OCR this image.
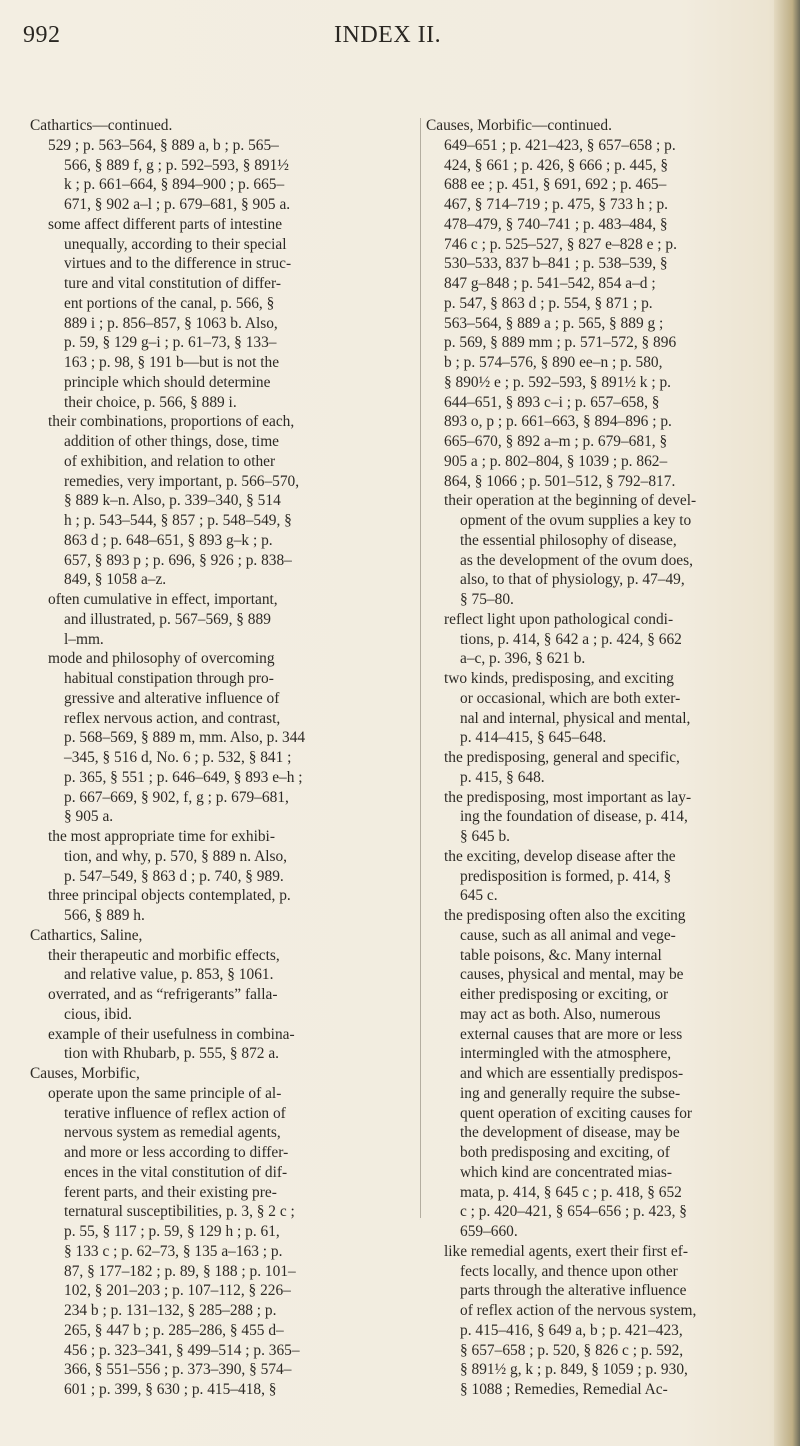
992	INDEX II.
Cathartics—continued.
529 ; p. 563–564, § 889 a, b ; p. 565–
566, § 889 f, g ; p. 592–593, § 891½
k ; p. 661–664, § 894–900 ; p. 665–
671, § 902 a–l ; p. 679–681, § 905 a.
some affect different parts of intestine
unequally, according to their special
virtues and to the difference in struc-
ture and vital constitution of differ-
ent portions of the canal, p. 566, §
889 i ; p. 856–857, § 1063 b. Also,
p. 59, § 129 g–i ; p. 61–73, § 133–
163 ; p. 98, § 191 b—but is not the
principle which should determine
their choice, p. 566, § 889 i.
their combinations, proportions of each,
addition of other things, dose, time
of exhibition, and relation to other
remedies, very important, p. 566–570,
§ 889 k–n. Also, p. 339–340, § 514
h ; p. 543–544, § 857 ; p. 548–549, §
863 d ; p. 648–651, § 893 g–k ; p.
657, § 893 p ; p. 696, § 926 ; p. 838–
849, § 1058 a–z.
often cumulative in effect, important,
and illustrated, p. 567–569, § 889
l–mm.
mode and philosophy of overcoming
habitual constipation through pro-
gressive and alterative influence of
reflex nervous action, and contrast,
p. 568–569, § 889 m, mm. Also, p. 344
–345, § 516 d, No. 6 ; p. 532, § 841 ;
p. 365, § 551 ; p. 646–649, § 893 e–h ;
p. 667–669, § 902, f, g ; p. 679–681,
§ 905 a.
the most appropriate time for exhibi-
tion, and why, p. 570, § 889 n. Also,
p. 547–549, § 863 d ; p. 740, § 989.
three principal objects contemplated, p.
566, § 889 h.
Cathartics, Saline,
their therapeutic and morbific effects,
and relative value, p. 853, § 1061.
overrated, and as “refrigerants” falla-
cious, ibid.
example of their usefulness in combina-
tion with Rhubarb, p. 555, § 872 a.
Causes, Morbific,
operate upon the same principle of al-
terative influence of reflex action of
nervous system as remedial agents,
and more or less according to differ-
ences in the vital constitution of dif-
ferent parts, and their existing pre-
ternatural susceptibilities, p. 3, § 2 c ;
p. 55, § 117 ; p. 59, § 129 h ; p. 61,
§ 133 c ; p. 62–73, § 135 a–163 ; p.
87, § 177–182 ; p. 89, § 188 ; p. 101–
102, § 201–203 ; p. 107–112, § 226–
234 b ; p. 131–132, § 285–288 ; p.
265, § 447 b ; p. 285–286, § 455 d–
456 ; p. 323–341, § 499–514 ; p. 365–
366, § 551–556 ; p. 373–390, § 574–
601 ; p. 399, § 630 ; p. 415–418, §
Causes, Morbific—continued.
649–651 ; p. 421–423, § 657–658 ; p.
424, § 661 ; p. 426, § 666 ; p. 445, §
688 ee ; p. 451, § 691, 692 ; p. 465–
467, § 714–719 ; p. 475, § 733 h ; p.
478–479, § 740–741 ; p. 483–484, §
746 c ; p. 525–527, § 827 e–828 e ; p.
530–533, 837 b–841 ; p. 538–539, §
847 g–848 ; p. 541–542, 854 a–d ;
p. 547, § 863 d ; p. 554, § 871 ; p.
563–564, § 889 a ; p. 565, § 889 g ;
p. 569, § 889 mm ; p. 571–572, § 896
b ; p. 574–576, § 890 ee–n ; p. 580,
§ 890½ e ; p. 592–593, § 891½ k ; p.
644–651, § 893 c–i ; p. 657–658, §
893 o, p ; p. 661–663, § 894–896 ; p.
665–670, § 892 a–m ; p. 679–681, §
905 a ; p. 802–804, § 1039 ; p. 862–
864, § 1066 ; p. 501–512, § 792–817.
their operation at the beginning of devel-
opment of the ovum supplies a key to
the essential philosophy of disease,
as the development of the ovum does,
also, to that of physiology, p. 47–49,
§ 75–80.
reflect light upon pathological condi-
tions, p. 414, § 642 a ; p. 424, § 662
a–c, p. 396, § 621 b.
two kinds, predisposing, and exciting
or occasional, which are both exter-
nal and internal, physical and mental,
p. 414–415, § 645–648.
the predisposing, general and specific,
p. 415, § 648.
the predisposing, most important as lay-
ing the foundation of disease, p. 414,
§ 645 b.
the exciting, develop disease after the
predisposition is formed, p. 414, §
645 c.
the predisposing often also the exciting
cause, such as all animal and vege-
table poisons, &c. Many internal
causes, physical and mental, may be
either predisposing or exciting, or
may act as both. Also, numerous
external causes that are more or less
intermingled with the atmosphere,
and which are essentially predispos-
ing and generally require the subse-
quent operation of exciting causes for
the development of disease, may be
both predisposing and exciting, of
which kind are concentrated mias-
mata, p. 414, § 645 c ; p. 418, § 652
c ; p. 420–421, § 654–656 ; p. 423, §
659–660.
like remedial agents, exert their first ef-
fects locally, and thence upon other
parts through the alterative influence
of reflex action of the nervous system,
p. 415–416, § 649 a, b ; p. 421–423,
§ 657–658 ; p. 520, § 826 c ; p. 592,
§ 891½ g, k ; p. 849, § 1059 ; p. 930,
§ 1088 ; Remedies, Remedial Ac-
